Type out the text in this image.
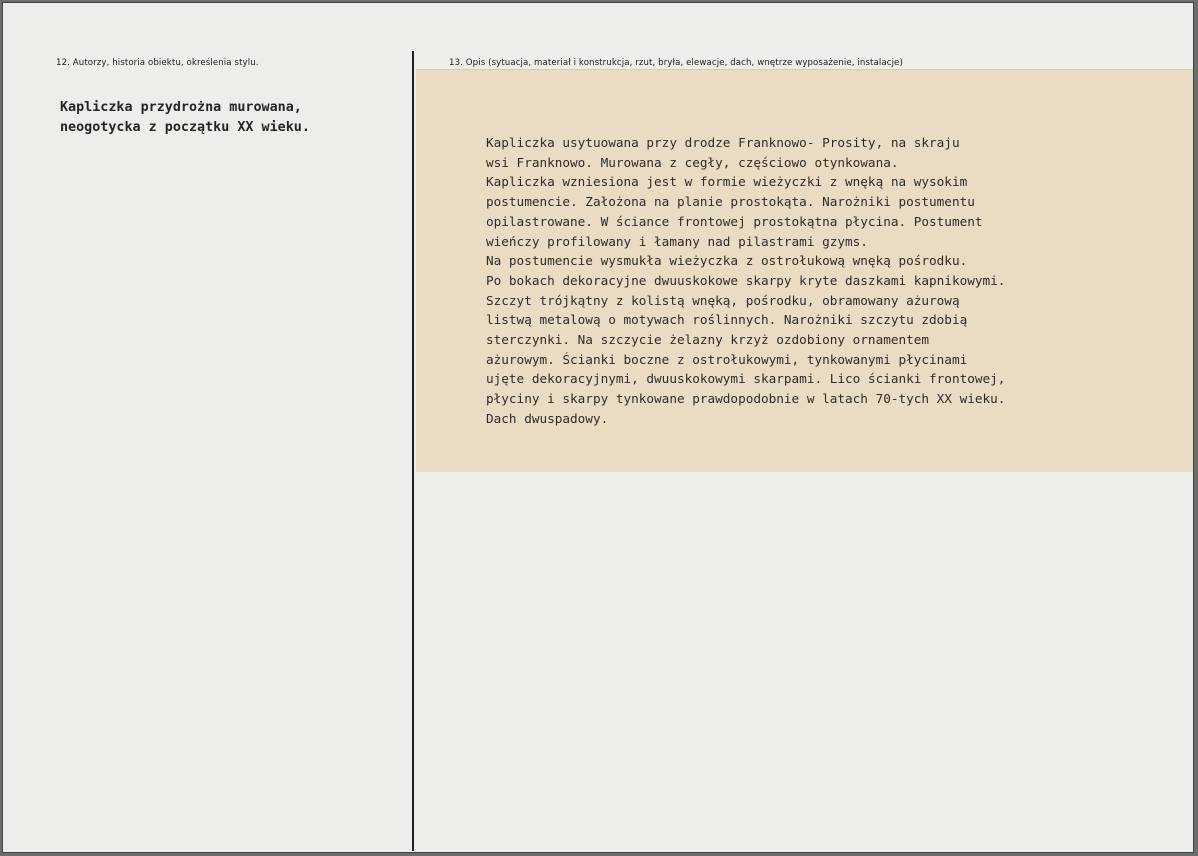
12. Autorzy, historia obiektu, określenia stylu.	13. Opis (sytuacja, materiał i konstrukcja, rzut, bryła, elewacje, dach, wnętrze wyposażenie, instalacje)
Kapliczka przydrożna murowana,
neogotycka z początku XX wieku.
Kapliczka usytuowana przy drodze Franknowo- Prosity, na skraju
wsi Franknowo. Murowana z cegły, częściowo otynkowana.
Kapliczka wzniesiona jest w formie wieżyczki z wnęką na wysokim
postumencie. Założona na planie prostokąta. Narożniki postumentu
opilastrowane. W ściance frontowej prostokątna płycina. Postument
wieńczy profilowany i łamany nad pilastrami gzyms.
Na postumencie wysmukła wieżyczka z ostrołukową wnęką pośrodku.
Po bokach dekoracyjne dwuuskokowe skarpy kryte daszkami kapnikowymi.
Szczyt trójkątny z kolistą wnęką, pośrodku, obramowany ażurową
listwą metalową o motywach roślinnych. Narożniki szczytu zdobią
sterczynki. Na szczycie żelazny krzyż ozdobiony ornamentem
ażurowym. Ścianki boczne z ostrołukowymi, tynkowanymi płycinami
ujęte dekoracyjnymi, dwuuskokowymi skarpami. Lico ścianki frontowej,
płyciny i skarpy tynkowane prawdopodobnie w latach 70-tych XX wieku.
Dach dwuspadowy.
